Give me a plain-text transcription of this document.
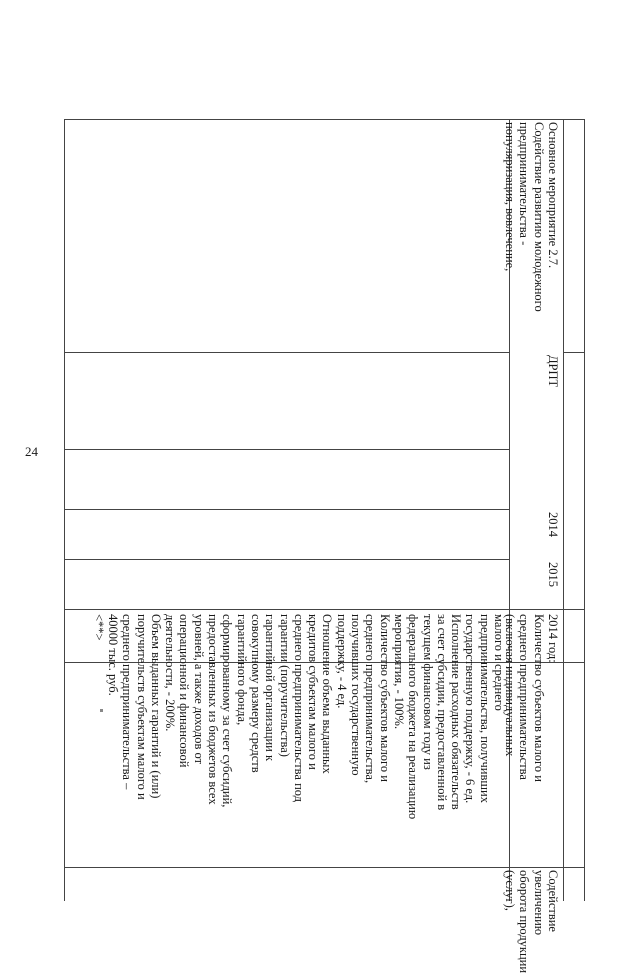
24
малого и среднего
предпринимательства, получивших
государственную поддержку, - 6 ед.
Исполнение расходных обязательств
за счет субсидии, предоставленной в
текущем финансовом году из
федерального бюджета на реализацию
мероприятия, - 100%.
Количество субъектов малого и
среднего предпринимательства,
получивших государственную
поддержку, - 4 ед.
Отношение объема выданных
кредитов субъектам малого и
среднего предпринимательства под
гарантии (поручительства)
гарантийной организации к
совокупному размеру средств
гарантийного фонда,
сформированному за счет субсидий,
предоставленных из бюджетов всех
уровней, а также доходов от
операционной и финансовой
деятельности, - 200%.
Объем выданных гарантий и (или)
поручительств субъектам малого и
среднего предпринимательства –
40000 тыс. руб.
<**>
Основное мероприятие 2.7.
Содействие развитию молодежного
предпринимательства -
популяризация, вовлечение,
ДРПТ
2014
2015
2014 год:
Количество субъектов малого и
среднего предпринимательства
(включая индивидуальных
Содействие
увеличению
оборота продукции
(услуг),
